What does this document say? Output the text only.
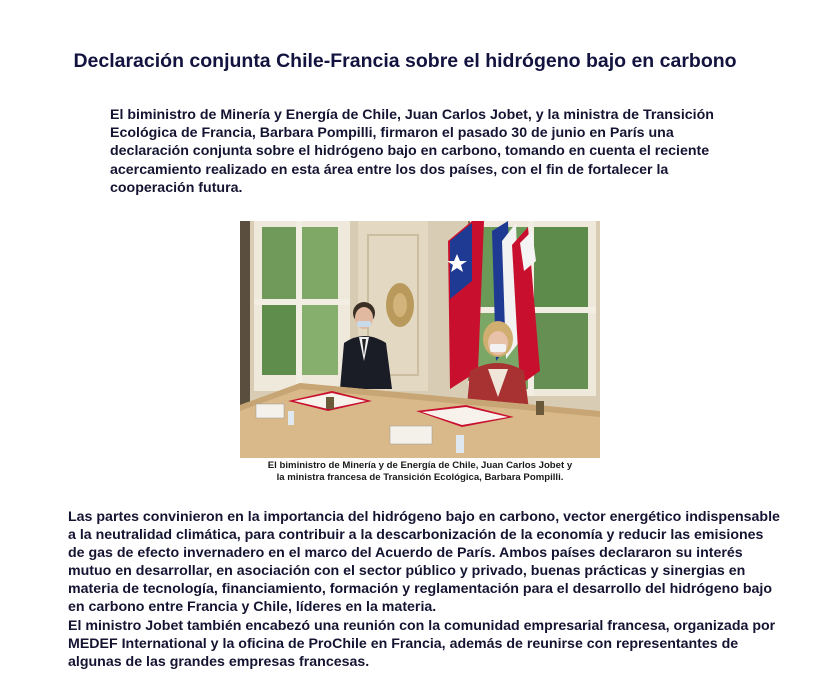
Declaración conjunta Chile-Francia sobre el hidrógeno bajo en carbono
El biministro de Minería y Energía de Chile, Juan Carlos Jobet, y la ministra de Transición Ecológica de Francia, Barbara Pompilli, firmaron el pasado 30 de junio en París una declaración conjunta sobre el hidrógeno bajo en carbono, tomando en cuenta el reciente acercamiento realizado en esta área entre los dos países, con el fin de fortalecer la cooperación futura.
El biministro de Minería y de Energía de Chile, Juan Carlos Jobet y
la ministra francesa de Transición Ecológica, Barbara Pompilli.

Las partes convinieron en la importancia del hidrógeno bajo en carbono, vector energético indispensable a la neutralidad climática, para contribuir a la descarbonización de la economía y reducir las emisiones de gas de efecto invernadero en el marco del Acuerdo de París. Ambos países declararon su interés mutuo en desarrollar, en asociación con el sector público y privado, buenas prácticas y sinergias en materia de tecnología, financiamiento, formación y reglamentación para el desarrollo del hidrógeno bajo en carbono entre Francia y Chile, líderes en la materia.

El ministro Jobet también encabezó una reunión con la comunidad empresarial francesa, organizada por MEDEF International y la oficina de ProChile en Francia, además de reunirse con representantes de algunas de las grandes empresas francesas.
